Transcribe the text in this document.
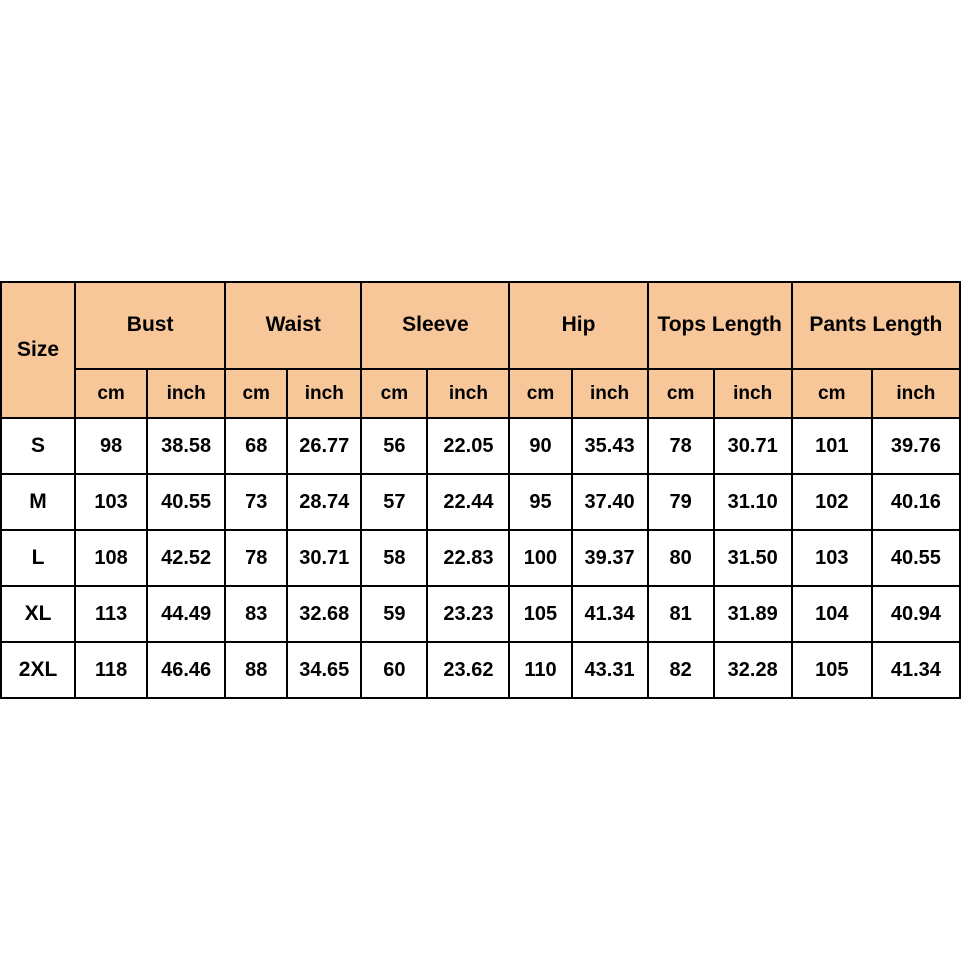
Size	Bust		Waist		Sleeve		Hip		Tops Length		Pants Length	
	cm	inch	cm	inch	cm	inch	cm	inch	cm	inch	cm	inch
S	98	38.58	68	26.77	56	22.05	90	35.43	78	30.71	101	39.76
M	103	40.55	73	28.74	57	22.44	95	37.40	79	31.10	102	40.16
L	108	42.52	78	30.71	58	22.83	100	39.37	80	31.50	103	40.55
XL	113	44.49	83	32.68	59	23.23	105	41.34	81	31.89	104	40.94
2XL	118	46.46	88	34.65	60	23.62	110	43.31	82	32.28	105	41.34
